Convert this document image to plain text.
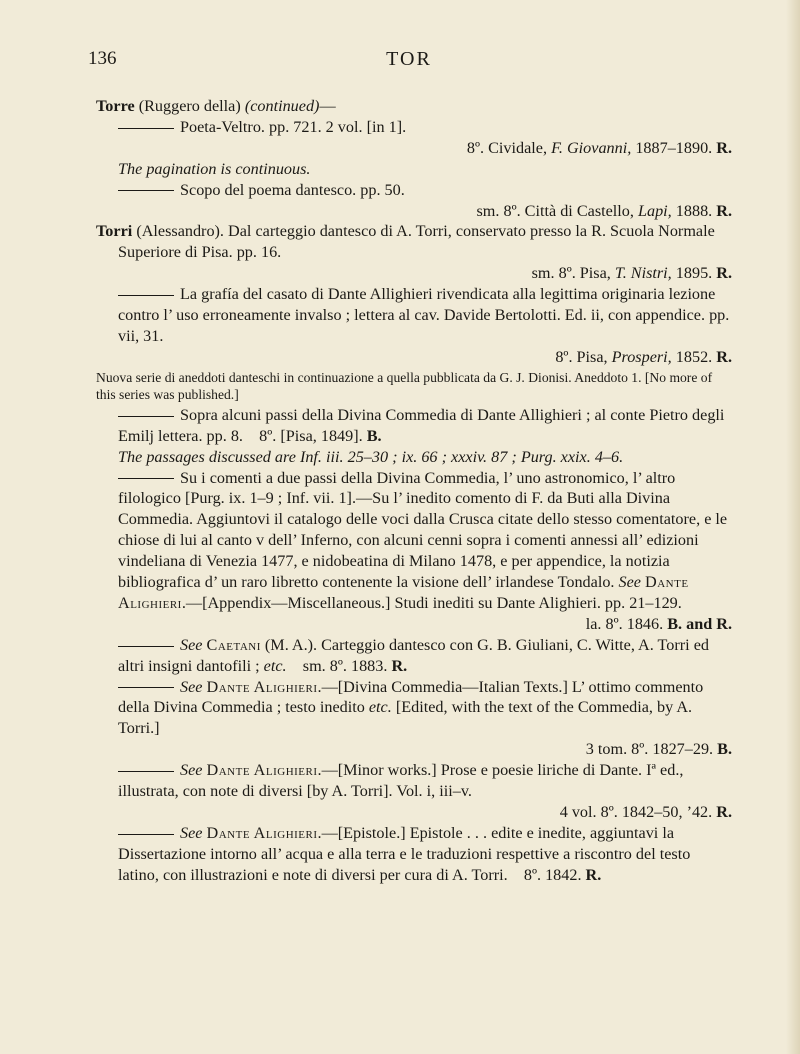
136	TOR

Torre (Ruggero della) (continued)—

Poeta-Veltro. pp. 721. 2 vol. [in 1].

8º. Cividale, F. Giovanni, 1887–1890. R.

The pagination is continuous.

Scopo del poema dantesco. pp. 50.

sm. 8º. Città di Castello, Lapi, 1888. R.

Torri (Alessandro). Dal carteggio dantesco di A. Torri, conservato presso la R. Scuola Normale Superiore di Pisa. pp. 16.

sm. 8º. Pisa, T. Nistri, 1895. R.

La grafía del casato di Dante Allighieri rivendicata alla legittima originaria lezione contro l’ uso erroneamente invalso ; lettera al cav. Davide Bertolotti. Ed. ii, con appendice. pp. vii, 31.

8º. Pisa, Prosperi, 1852. R.

Nuova serie di aneddoti danteschi in continuazione a quella pubblicata da G. J. Dionisi. Aneddoto 1. [No more of this series was published.]

Sopra alcuni passi della Divina Commedia di Dante Allighieri ; al conte Pietro degli Emilj lettera. pp. 8. 8º. [Pisa, 1849]. B.

The passages discussed are Inf. iii. 25–30 ; ix. 66 ; xxxiv. 87 ; Purg. xxix. 4–6.

Su i comenti a due passi della Divina Commedia, l’ uno astronomico, l’ altro filologico [Purg. ix. 1–9 ; Inf. vii. 1].—Su l’ inedito comento di F. da Buti alla Divina Commedia. Aggiuntovi il catalogo delle voci dalla Crusca citate dello stesso comentatore, e le chiose di lui al canto v dell’ Inferno, con alcuni cenni sopra i comenti annessi all’ edizioni vindeliana di Venezia 1477, e nidobeatina di Milano 1478, e per appendice, la notizia bibliografica d’ un raro libretto contenente la visione dell’ irlandese Tondalo. See Dante Alighieri.—[Appendix—Miscellaneous.] Studi inediti su Dante Alighieri. pp. 21–129.

la. 8º. 1846. B. and R.

See Caetani (M. A.). Carteggio dantesco con G. B. Giuliani, C. Witte, A. Torri ed altri insigni dantofili ; etc. sm. 8º. 1883. R.

See Dante Alighieri.—[Divina Commedia—Italian Texts.] L’ ottimo commento della Divina Commedia ; testo inedito etc. [Edited, with the text of the Commedia, by A. Torri.]

3 tom. 8º. 1827–29. B.

See Dante Alighieri.—[Minor works.] Prose e poesie liriche di Dante. Iª ed., illustrata, con note di diversi [by A. Torri]. Vol. i, iii–v.

4 vol. 8º. 1842–50, ’42. R.

See Dante Alighieri.—[Epistole.] Epistole . . . edite e inedite, aggiuntavi la Dissertazione intorno all’ acqua e alla terra e le traduzioni respettive a riscontro del testo latino, con illustrazioni e note di diversi per cura di A. Torri. 8º. 1842. R.
